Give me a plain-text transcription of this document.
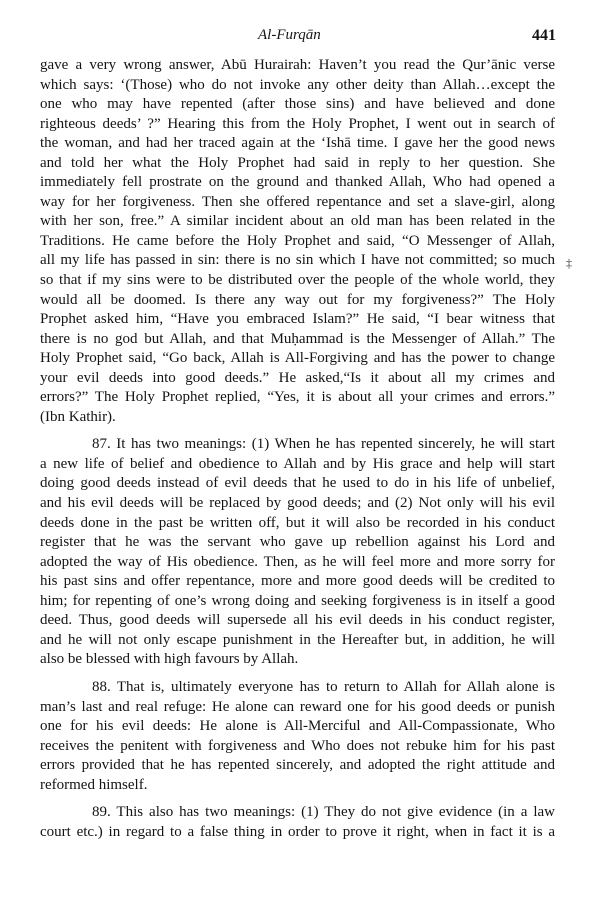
Al-Furqān	441

gave a very wrong answer, Abū Hurairah: Haven’t you read the Qur’ānic verse
which says: ‘(Those) who do not invoke any other deity than Allah…except the
one who may have repented (after those sins) and have believed and done
righteous deeds’ ?” Hearing this from the Holy Prophet, I went out in search of
the woman, and had her traced again at the ‘Ishā time. I gave her the good news
and told her what the Holy Prophet had said in reply to her question. She
immediately fell prostrate on the ground and thanked Allah, Who had opened a
way for her forgiveness. Then she offered repentance and set a slave-girl, along
with her son, free.” A similar incident about an old man has been related in the
Traditions. He came before the Holy Prophet and said, “O Messenger of Allah,
all my life has passed in sin: there is no sin which I have not committed; so much
so that if my sins were to be distributed over the people of the whole world, they
would all be doomed. Is there any way out for my forgiveness?” The Holy
Prophet asked him, “Have you embraced Islam?” He said, “I bear witness that
there is no god but Allah, and that Muḥammad is the Messenger of Allah.” The
Holy Prophet said, “Go back, Allah is All-Forgiving and has the power to change
your evil deeds into good deeds.” He asked,“Is it about all my crimes and
errors?” The Holy Prophet replied, “Yes, it is about all your crimes and errors.”
(Ibn Kathir).

87. It has two meanings: (1) When he has repented sincerely, he will start
a new life of belief and obedience to Allah and by His grace and help will start
doing good deeds instead of evil deeds that he used to do in his life of unbelief,
and his evil deeds will be replaced by good deeds; and (2) Not only will his evil
deeds done in the past be written off, but it will also be recorded in his conduct
register that he was the servant who gave up rebellion against his Lord and
adopted the way of His obedience. Then, as he will feel more and more sorry for
his past sins and offer repentance, more and more good deeds will be credited to
him; for repenting of one’s wrong doing and seeking forgiveness is in itself a good
deed. Thus, good deeds will supersede all his evil deeds in his conduct register,
and he will not only escape punishment in the Hereafter but, in addition, he will
also be blessed with high favours by Allah.

88. That is, ultimately everyone has to return to Allah for Allah alone is
man’s last and real refuge: He alone can reward one for his good deeds or punish
one for his evil deeds: He alone is All-Merciful and All-Compassionate, Who
receives the penitent with forgiveness and Who does not rebuke him for his past
errors provided that he has repented sincerely, and adopted the right attitude and
reformed himself.

89. This also has two meanings: (1) They do not give evidence (in a law
court etc.) in regard to a false thing in order to prove it right, when in fact it is a

‡
